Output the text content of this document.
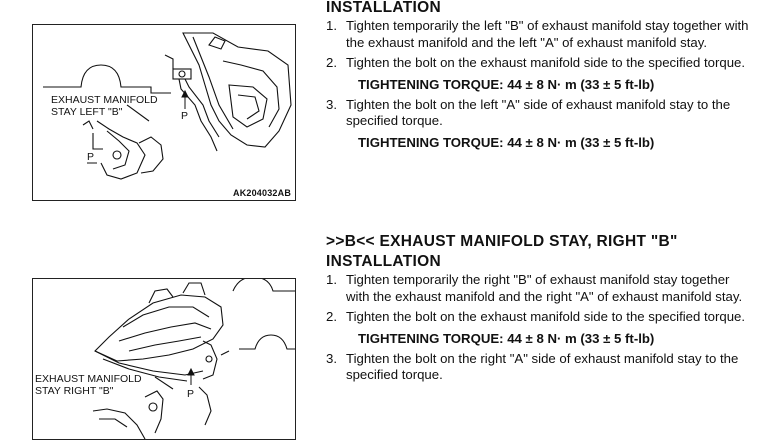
EXHAUST MANIFOLD
STAY LEFT "B"	P
P
AK204032AB
EXHAUST MANIFOLD
STAY RIGHT "B"	P

INSTALLATION

1. Tighten temporarily the left "B" of exhaust manifold stay together with the exhaust manifold and the left "A" of exhaust manifold stay.
2. Tighten the bolt on the exhaust manifold side to the specified torque.
TIGHTENING TORQUE: 44 ± 8 N· m (33 ± 5 ft-lb)
3. Tighten the bolt on the left "A" side of exhaust manifold stay to the specified torque.
TIGHTENING TORQUE: 44 ± 8 N· m (33 ± 5 ft-lb)

>>B<< EXHAUST MANIFOLD STAY, RIGHT "B"

INSTALLATION

1. Tighten temporarily the right "B" of exhaust manifold stay together with the exhaust manifold and the right "A" of exhaust manifold stay.
2. Tighten the bolt on the exhaust manifold side to the specified torque.
TIGHTENING TORQUE: 44 ± 8 N· m (33 ± 5 ft-lb)
3. Tighten the bolt on the right "A" side of exhaust manifold stay to the specified torque.
